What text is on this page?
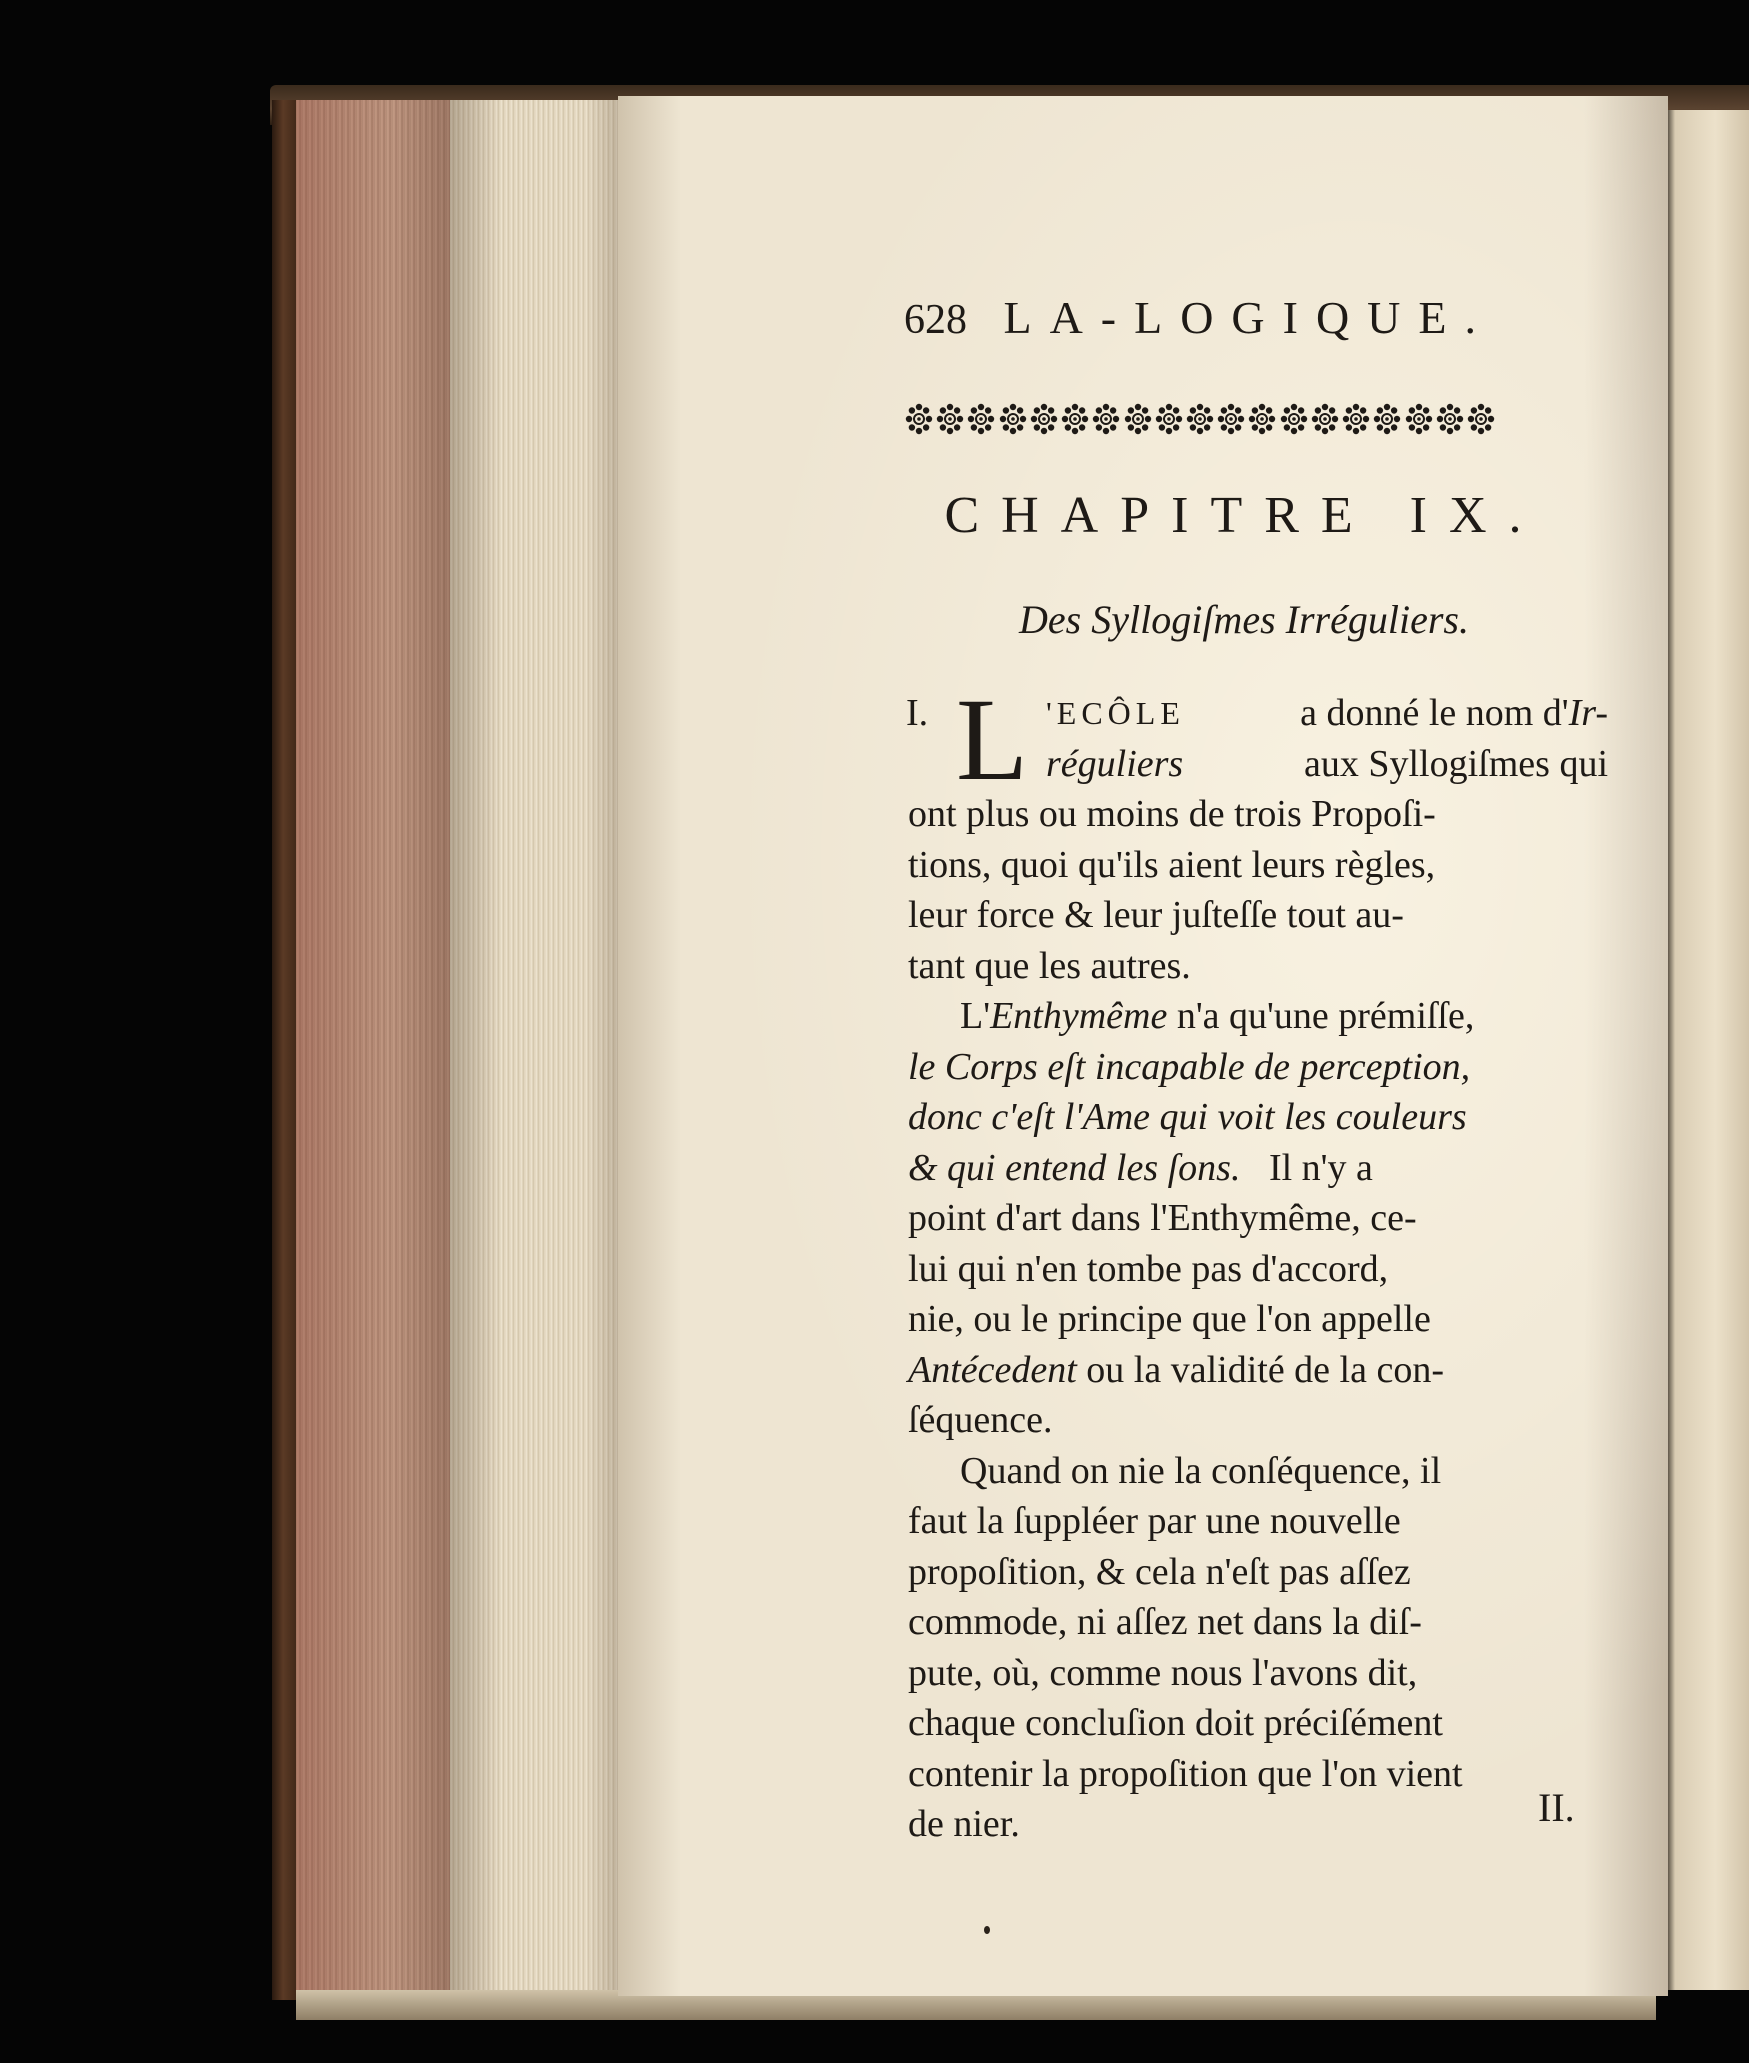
628 LA-LOGIQUE.
CHAPITRE IX.
Des Syllogiſmes Irréguliers.
I. L 'ECÔLE	a donné le nom d'Ir-
réguliers	aux Syllogiſmes qui
ont plus ou moins de trois Propoſi-
tions, quoi qu'ils aient leurs règles,
leur force & leur juſteſſe tout au-
tant que les autres.
L'Enthymême n'a qu'une prémiſſe,
le Corps eſt incapable de perception,
donc c'eſt l'Ame qui voit les couleurs
& qui entend les ſons. Il n'y a
point d'art dans l'Enthymême, ce-
lui qui n'en tombe pas d'accord,
nie, ou le principe que l'on appelle
Antécedent ou la validité de la con-
ſéquence.
Quand on nie la conſéquence, il
faut la ſuppléer par une nouvelle
propoſition, & cela n'eſt pas aſſez
commode, ni aſſez net dans la diſ-
pute, où, comme nous l'avons dit,
chaque concluſion doit préciſément
contenir la propoſition que l'on vient
de nier.	II.
